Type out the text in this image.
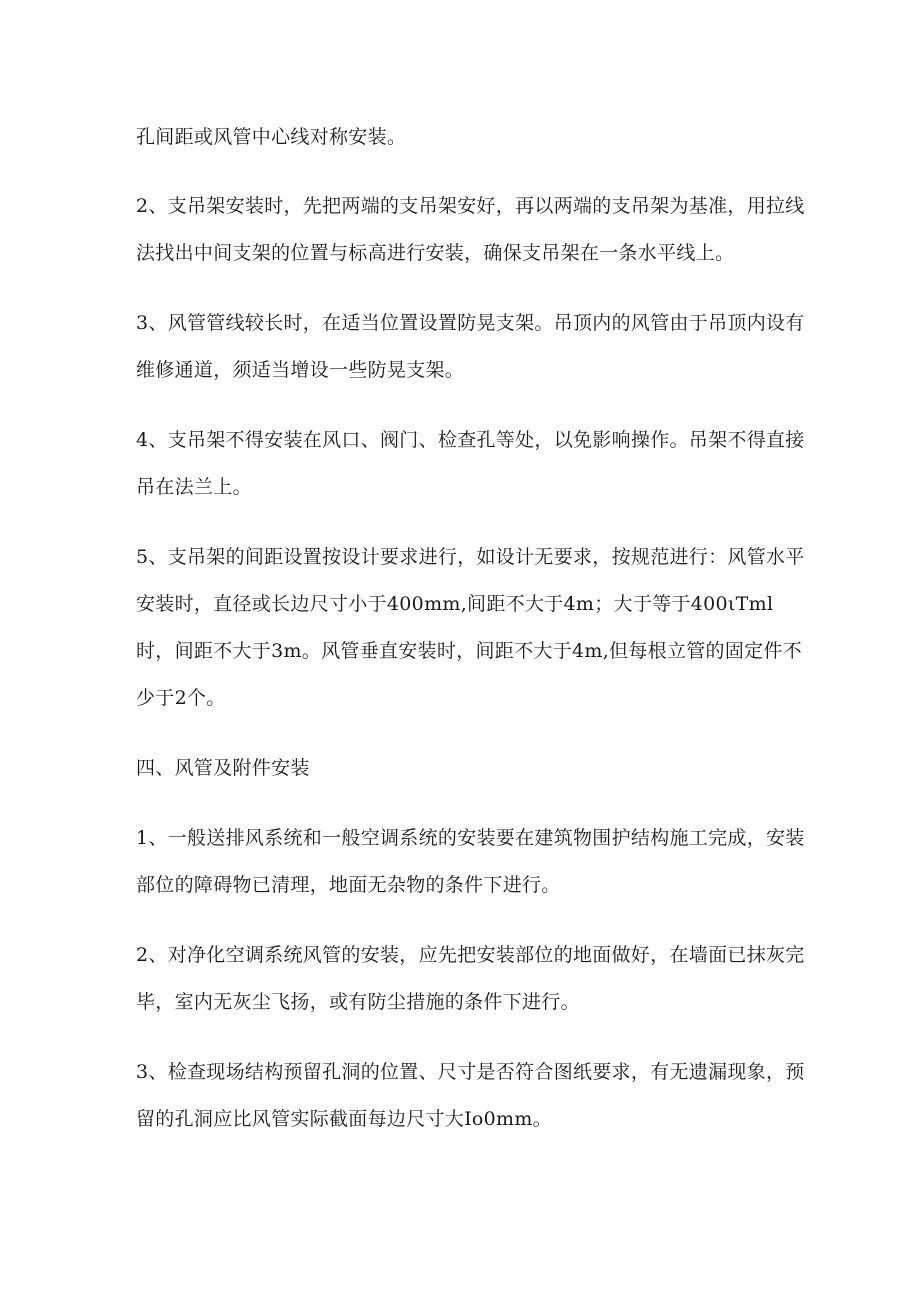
孔间距或风管中心线对称安装。

2、支吊架安装时，先把两端的支吊架安好，再以两端的支吊架为基准，用拉线

法找出中间支架的位置与标高进行安装，确保支吊架在一条水平线上。

3、风管管线较长时，在适当位置设置防晃支架。吊顶内的风管由于吊顶内设有

维修通道，须适当增设一些防晃支架。

4、支吊架不得安装在风口、阀门、检查孔等处，以免影响操作。吊架不得直接

吊在法兰上。

5、支吊架的间距设置按设计要求进行，如设计无要求，按规范进行：风管水平

安装时，直径或长边尺寸小于400mm,间距不大于4m；大于等于400ιTml

时，间距不大于3m。风管垂直安装时，间距不大于4m,但每根立管的固定件不

少于2个。

四、风管及附件安装

1、一般送排风系统和一般空调系统的安装要在建筑物围护结构施工完成，安装

部位的障碍物已清理，地面无杂物的条件下进行。

2、对净化空调系统风管的安装，应先把安装部位的地面做好，在墙面已抹灰完

毕，室内无灰尘飞扬，或有防尘措施的条件下进行。

3、检查现场结构预留孔洞的位置、尺寸是否符合图纸要求，有无遗漏现象，预

留的孔洞应比风管实际截面每边尺寸大Io0mm。
